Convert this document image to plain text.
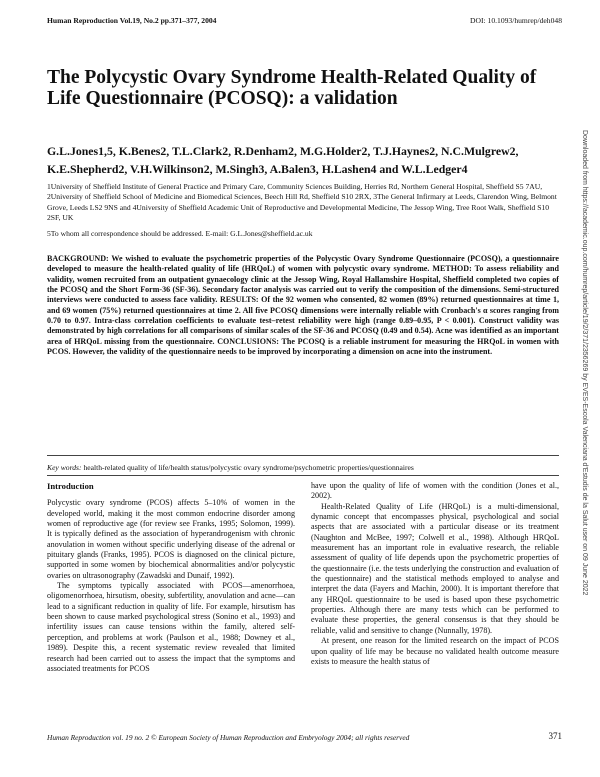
Human Reproduction Vol.19, No.2 pp.371–377, 2004	DOI: 10.1093/humrep/deh048
The Polycystic Ovary Syndrome Health-Related Quality of
Life Questionnaire (PCOSQ): a validation
G.L.Jones1,5, K.Benes2, T.L.Clark2, R.Denham2, M.G.Holder2, T.J.Haynes2, N.C.Mulgrew2,
K.E.Shepherd2, V.H.Wilkinson2, M.Singh3, A.Balen3, H.Lashen4 and W.L.Ledger4
1University of Sheffield Institute of General Practice and Primary Care, Community Sciences Building, Herries Rd, Northern General Hospital, Sheffield S5 7AU, 2University of Sheffield School of Medicine and Biomedical Sciences, Beech Hill Rd, Sheffield S10 2RX, 3The General Infirmary at Leeds, Clarendon Wing, Belmont Grove, Leeds LS2 9NS and 4University of Sheffield Academic Unit of Reproductive and Developmental Medicine, The Jessop Wing, Tree Root Walk, Sheffield S10 2SF, UK
5To whom all correspondence should be addressed. E-mail: G.L.Jones@sheffield.ac.uk
BACKGROUND: We wished to evaluate the psychometric properties of the Polycystic Ovary Syndrome Questionnaire (PCOSQ), a questionnaire developed to measure the health-related quality of life (HRQoL) of women with polycystic ovary syndrome. METHOD: To assess reliability and validity, women recruited from an outpatient gynaecology clinic at the Jessop Wing, Royal Hallamshire Hospital, Sheffield completed two copies of the PCOSQ and the Short Form-36 (SF-36). Secondary factor analysis was carried out to verify the composition of the dimensions. Semi-structured interviews were conducted to assess face validity. RESULTS: Of the 92 women who consented, 82 women (89%) returned questionnaires at time 1, and 69 women (75%) returned questionnaires at time 2. All five PCOSQ dimensions were internally reliable with Cronbach's α scores ranging from 0.70 to 0.97. Intra-class correlation coefficients to evaluate test–retest reliability were high (range 0.89–0.95, P < 0.001). Construct validity was demonstrated by high correlations for all comparisons of similar scales of the SF-36 and PCOSQ (0.49 and 0.54). Acne was identified as an important area of HRQoL missing from the questionnaire. CONCLUSIONS: The PCOSQ is a reliable instrument for measuring the HRQoL in women with PCOS. However, the validity of the questionnaire needs to be improved by incorporating a dimension on acne into the instrument.
Key words: health-related quality of life/health status/polycystic ovary syndrome/psychometric properties/questionnaires
Introduction

Polycystic ovary syndrome (PCOS) affects 5–10% of women in the developed world, making it the most common endocrine disorder among women of reproductive age (for review see Franks, 1995; Solomon, 1999). It is typically defined as the association of hyperandrogenism with chronic anovulation in women without specific underlying disease of the adrenal or pituitary glands (Franks, 1995). PCOS is diagnosed on the clinical picture, supported in some women by biochemical abnormalities and/or polycystic ovaries on ultrasonography (Zawadski and Dunaif, 1992).

The symptoms typically associated with PCOS—amenorrhoea, oligomenorrhoea, hirsutism, obesity, subfertility, anovulation and acne—can lead to a significant reduction in quality of life. For example, hirsutism has been shown to cause marked psychological stress (Sonino et al., 1993) and infertility issues can cause tensions within the family, altered self-perception, and problems at work (Paulson et al., 1988; Downey et al., 1989). Despite this, a recent systematic review revealed that limited research had been carried out to assess the impact that the symptoms and associated treatments for PCOS

have upon the quality of life of women with the condition (Jones et al., 2002).

Health-Related Quality of Life (HRQoL) is a multi-dimensional, dynamic concept that encompasses physical, psychological and social aspects that are associated with a particular disease or its treatment (Naughton and McBee, 1997; Colwell et al., 1998). Although HRQoL measurement has an important role in evaluative research, the reliable assessment of quality of life depends upon the psychometric properties of the questionnaire (i.e. the tests underlying the construction and evaluation of the questionnaire) and the statistical methods employed to analyse and interpret the data (Fayers and Machin, 2000). It is important therefore that any HRQoL questionnaire to be used is based upon these psychometric properties. Although there are many tests which can be performed to evaluate these properties, the general consensus is that they should be reliable, valid and sensitive to change (Nunnally, 1978).

At present, one reason for the limited research on the impact of PCOS upon quality of life may be because no validated health outcome measure exists to measure the health status of

Human Reproduction vol. 19 no. 2 © European Society of Human Reproduction and Embryology 2004; all rights reserved	371
Downloaded from https://academic.oup.com/humrep/article/19/2/371/2356269 by EVES-Escola Valenciana d'Estudis de la Salut user on 09 June 2022
